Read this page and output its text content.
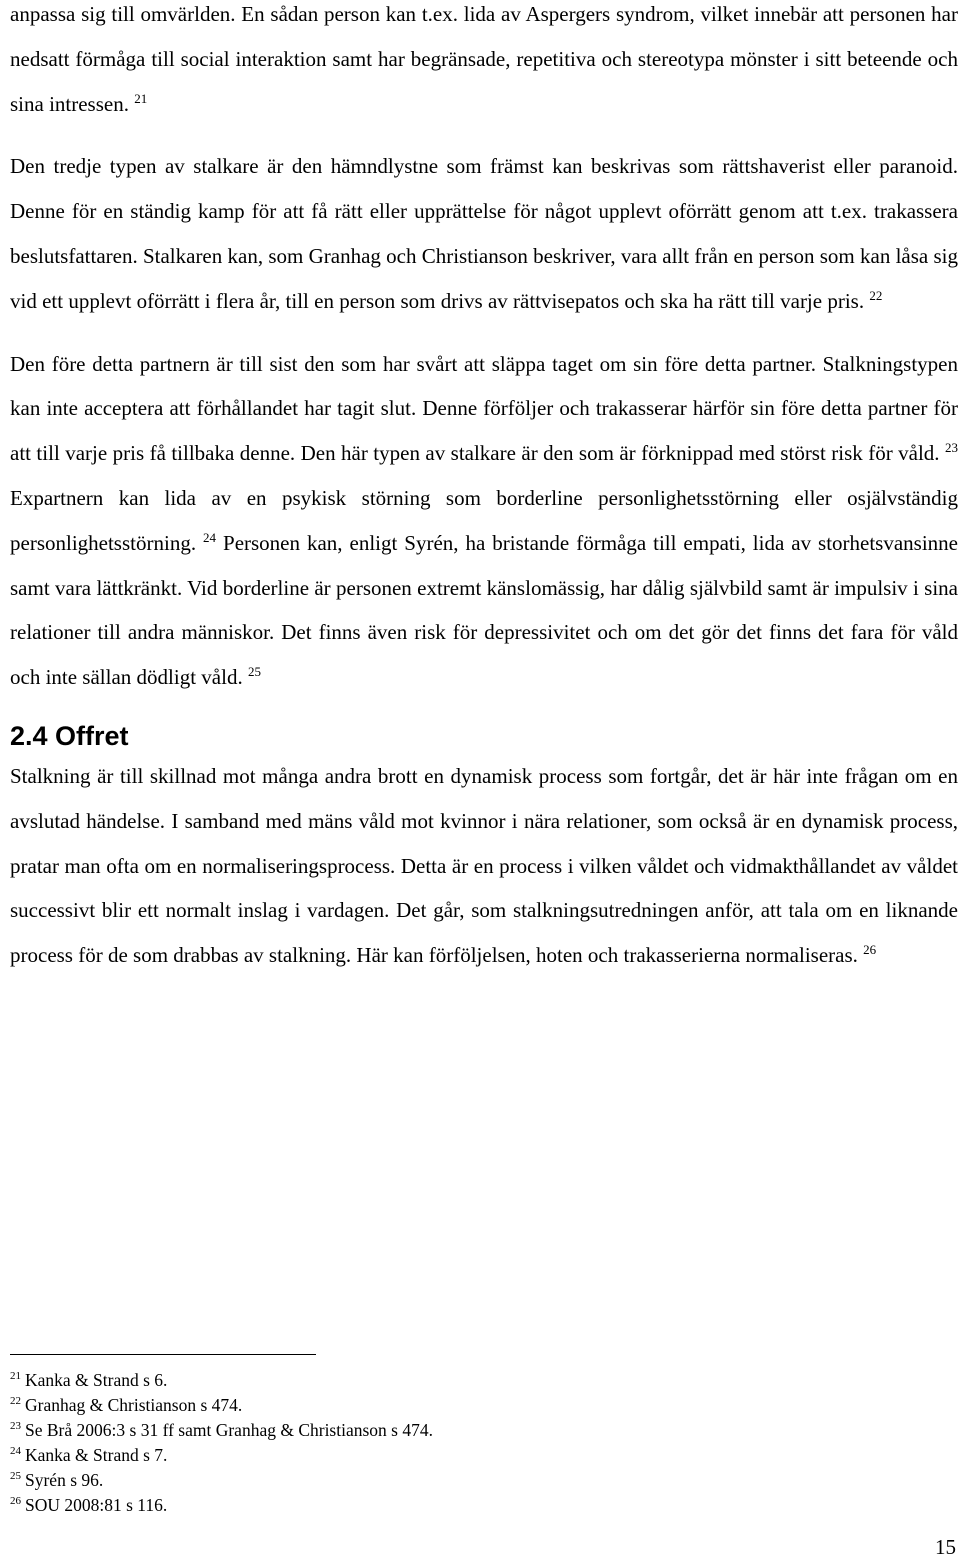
anpassa sig till omvärlden. En sådan person kan t.ex. lida av Aspergers syndrom, vilket innebär att personen har nedsatt förmåga till social interaktion samt har begränsade, repetitiva och stereotypa mönster i sitt beteende och sina intressen. $^{21}$

Den tredje typen av stalkare är den hämndlystne som främst kan beskrivas som rättshaverist eller paranoid. Denne för en ständig kamp för att få rätt eller upprättelse för något upplevt oförrätt genom att t.ex. trakassera beslutsfattaren. Stalkaren kan, som Granhag och Christianson beskriver, vara allt från en person som kan låsa sig vid ett upplevt oförrätt i flera år, till en person som drivs av rättvisepatos och ska ha rätt till varje pris. $^{22}$

Den före detta partnern är till sist den som har svårt att släppa taget om sin före detta partner. Stalkningstypen kan inte acceptera att förhållandet har tagit slut. Denne förföljer och trakasserar härför sin före detta partner för att till varje pris få tillbaka denne. Den här typen av stalkare är den som är förknippad med störst risk för våld. $^{23}$ Expartnern kan lida av en psykisk störning som borderline personlighetsstörning eller osjälvständig personlighetsstörning. $^{24}$ Personen kan, enligt Syrén, ha bristande förmåga till empati, lida av storhetsvansinne samt vara lättkränkt. Vid borderline är personen extremt känslomässig, har dålig självbild samt är impulsiv i sina relationer till andra människor. Det finns även risk för depressivitet och om det gör det finns det fara för våld och inte sällan dödligt våld. $^{25}$

2.4 Offret

Stalkning är till skillnad mot många andra brott en dynamisk process som fortgår, det är här inte frågan om en avslutad händelse. I samband med mäns våld mot kvinnor i nära relationer, som också är en dynamisk process, pratar man ofta om en normaliseringsprocess. Detta är en process i vilken våldet och vidmakthållandet av våldet successivt blir ett normalt inslag i vardagen. Det går, som stalkningsutredningen anför, att tala om en liknande process för de som drabbas av stalkning. Här kan förföljelsen, hoten och trakasserierna normaliseras. $^{26}$

$^{21}$ Kanka & Strand s 6.

$^{22}$ Granhag & Christianson s 474.

$^{23}$ Se Brå 2006:3 s 31 ff samt Granhag & Christianson s 474.

$^{24}$ Kanka & Strand s 7.

$^{25}$ Syrén s 96.

$^{26}$ SOU 2008:81 s 116.

15
